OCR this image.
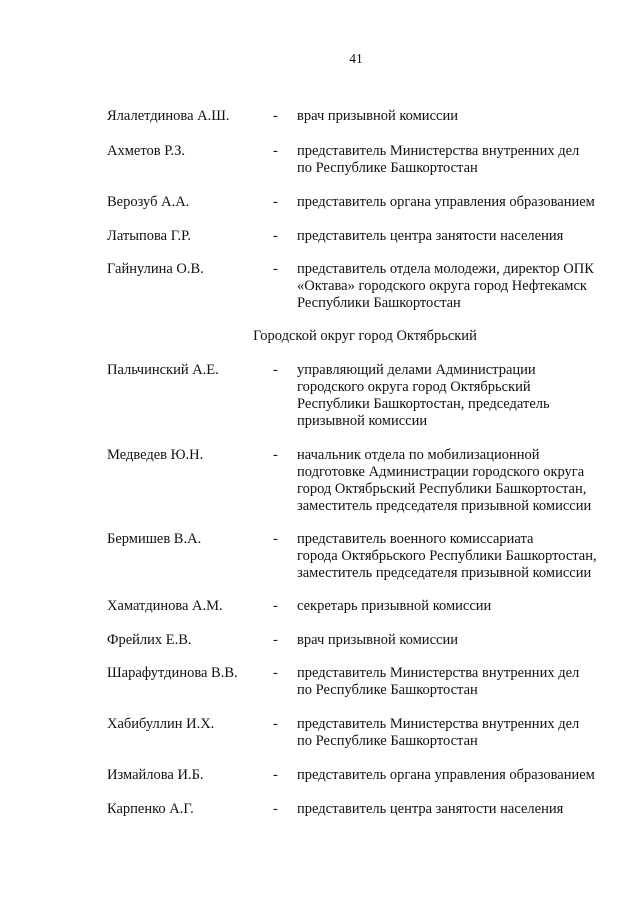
41
Ялалетдинова А.Ш.	- врач призывной комиссии
Ахметов Р.З.	- представитель Министерства внутренних дел
по Республике Башкортостан
Верозуб А.А.	- представитель органа управления образованием
Латыпова Г.Р.	- представитель центра занятости населения
Гайнулина О.В.	- представитель отдела молодежи, директор ОПК
«Октава» городского округа город Нефтекамск
Республики Башкортостан
Городской округ город Октябрьский
Пальчинский А.Е.	- управляющий делами Администрации
городского округа город Октябрьский
Республики Башкортостан, председатель
призывной комиссии
Медведев Ю.Н.	- начальник отдела по мобилизационной
подготовке Администрации городского округа
город Октябрьский Республики Башкортостан,
заместитель председателя призывной комиссии
Бермишев В.А.	- представитель военного комиссариата
города Октябрьского Республики Башкортостан,
заместитель председателя призывной комиссии
Хаматдинова А.М.	- секретарь призывной комиссии
Фрейлих Е.В.	- врач призывной комиссии
Шарафутдинова В.В. - представитель Министерства внутренних дел
по Республике Башкортостан
Хабибуллин И.Х.	- представитель Министерства внутренних дел
по Республике Башкортостан
Измайлова И.Б.	- представитель органа управления образованием
Карпенко А.Г.	- представитель центра занятости населения
